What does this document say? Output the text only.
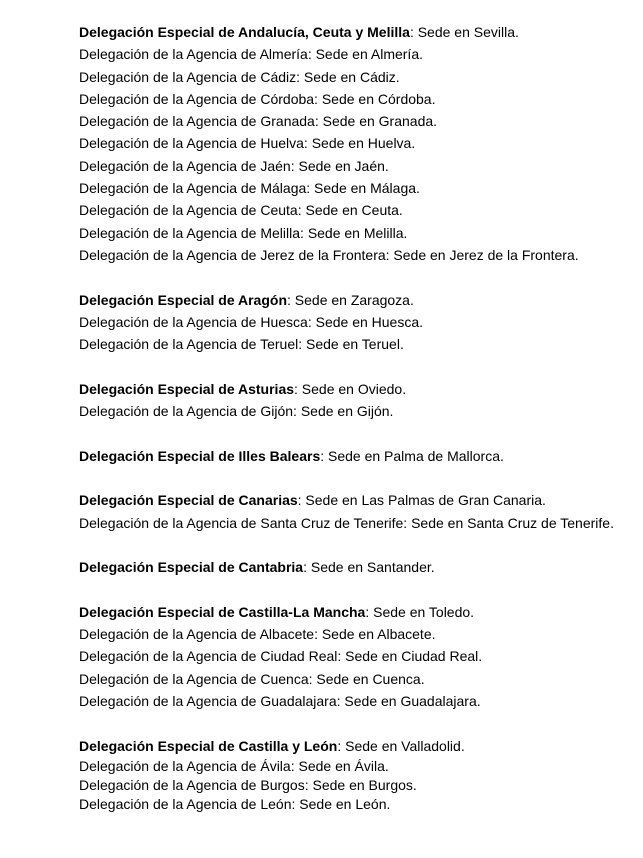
Delegación Especial de Andalucía, Ceuta y Melilla: Sede en Sevilla.
Delegación de la Agencia de Almería: Sede en Almería.
Delegación de la Agencia de Cádiz: Sede en Cádiz.
Delegación de la Agencia de Córdoba: Sede en Córdoba.
Delegación de la Agencia de Granada: Sede en Granada.
Delegación de la Agencia de Huelva: Sede en Huelva.
Delegación de la Agencia de Jaén: Sede en Jaén.
Delegación de la Agencia de Málaga: Sede en Málaga.
Delegación de la Agencia de Ceuta: Sede en Ceuta.
Delegación de la Agencia de Melilla: Sede en Melilla.
Delegación de la Agencia de Jerez de la Frontera: Sede en Jerez de la Frontera.
Delegación Especial de Aragón: Sede en Zaragoza.
Delegación de la Agencia de Huesca: Sede en Huesca.
Delegación de la Agencia de Teruel: Sede en Teruel.
Delegación Especial de Asturias: Sede en Oviedo.
Delegación de la Agencia de Gijón: Sede en Gijón.
Delegación Especial de Illes Balears: Sede en Palma de Mallorca.
Delegación Especial de Canarias: Sede en Las Palmas de Gran Canaria.
Delegación de la Agencia de Santa Cruz de Tenerife: Sede en Santa Cruz de Tenerife.
Delegación Especial de Cantabria: Sede en Santander.
Delegación Especial de Castilla-La Mancha: Sede en Toledo.
Delegación de la Agencia de Albacete: Sede en Albacete.
Delegación de la Agencia de Ciudad Real: Sede en Ciudad Real.
Delegación de la Agencia de Cuenca: Sede en Cuenca.
Delegación de la Agencia de Guadalajara: Sede en Guadalajara.
Delegación Especial de Castilla y León: Sede en Valladolid.
Delegación de la Agencia de Ávila: Sede en Ávila.
Delegación de la Agencia de Burgos: Sede en Burgos.
Delegación de la Agencia de León: Sede en León.
